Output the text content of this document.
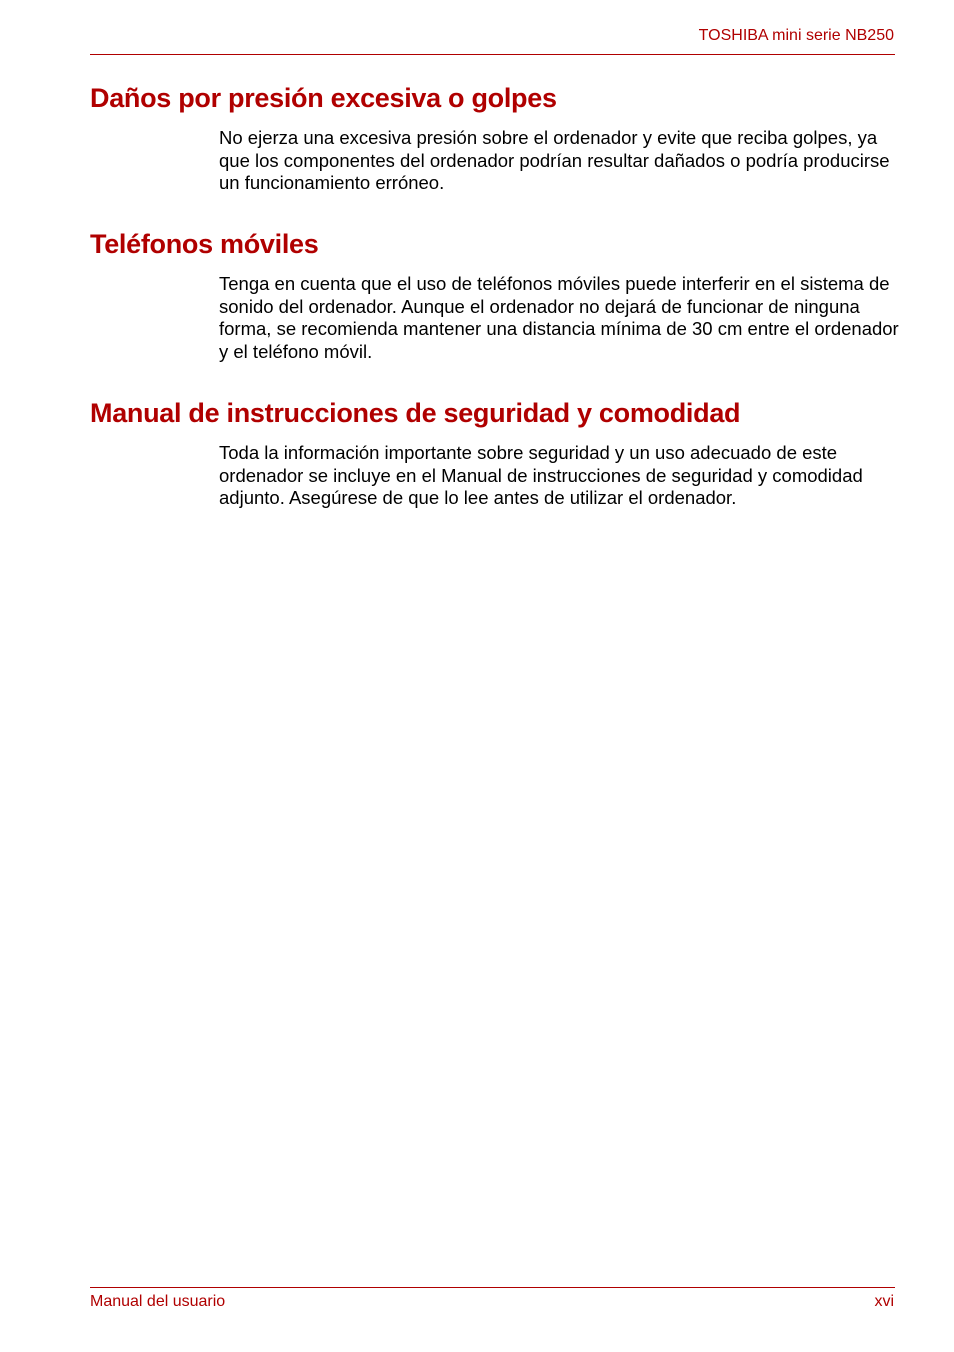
TOSHIBA mini serie NB250
Daños por presión excesiva o golpes

No ejerza una excesiva presión sobre el ordenador y evite que reciba golpes, ya que los componentes del ordenador podrían resultar dañados o podría producirse un funcionamiento erróneo.

Teléfonos móviles

Tenga en cuenta que el uso de teléfonos móviles puede interferir en el sistema de sonido del ordenador. Aunque el ordenador no dejará de funcionar de ninguna forma, se recomienda mantener una distancia mínima de 30 cm entre el ordenador y el teléfono móvil.

Manual de instrucciones de seguridad y comodidad

Toda la información importante sobre seguridad y un uso adecuado de este ordenador se incluye en el Manual de instrucciones de seguridad y comodidad adjunto. Asegúrese de que lo lee antes de utilizar el ordenador.

Manual del usuario	xvi
